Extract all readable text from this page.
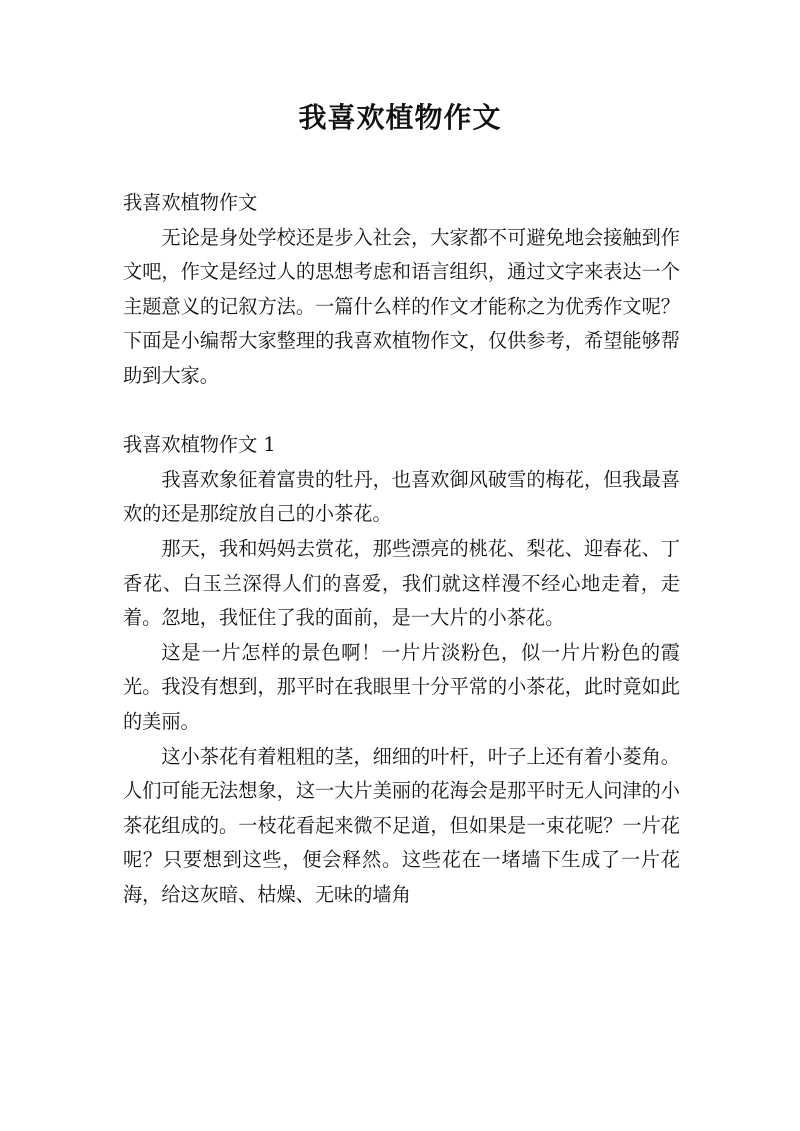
我喜欢植物作文

我喜欢植物作文

无论是身处学校还是步入社会，大家都不可避免地会接触到作文吧，作文是经过人的思想考虑和语言组织，通过文字来表达一个主题意义的记叙方法。一篇什么样的作文才能称之为优秀作文呢？下面是小编帮大家整理的我喜欢植物作文，仅供参考，希望能够帮助到大家。

我喜欢植物作文 1

我喜欢象征着富贵的牡丹，也喜欢御风破雪的梅花，但我最喜欢的还是那绽放自己的小茶花。

那天，我和妈妈去赏花，那些漂亮的桃花、梨花、迎春花、丁香花、白玉兰深得人们的喜爱，我们就这样漫不经心地走着，走着。忽地，我怔住了我的面前，是一大片的小茶花。

这是一片怎样的景色啊！一片片淡粉色，似一片片粉色的霞光。我没有想到，那平时在我眼里十分平常的小茶花，此时竟如此的美丽。

这小茶花有着粗粗的茎，细细的叶杆，叶子上还有着小菱角。人们可能无法想象，这一大片美丽的花海会是那平时无人问津的小茶花组成的。一枝花看起来微不足道，但如果是一束花呢？一片花呢？只要想到这些，便会释然。这些花在一堵墙下生成了一片花海，给这灰暗、枯燥、无味的墙角
